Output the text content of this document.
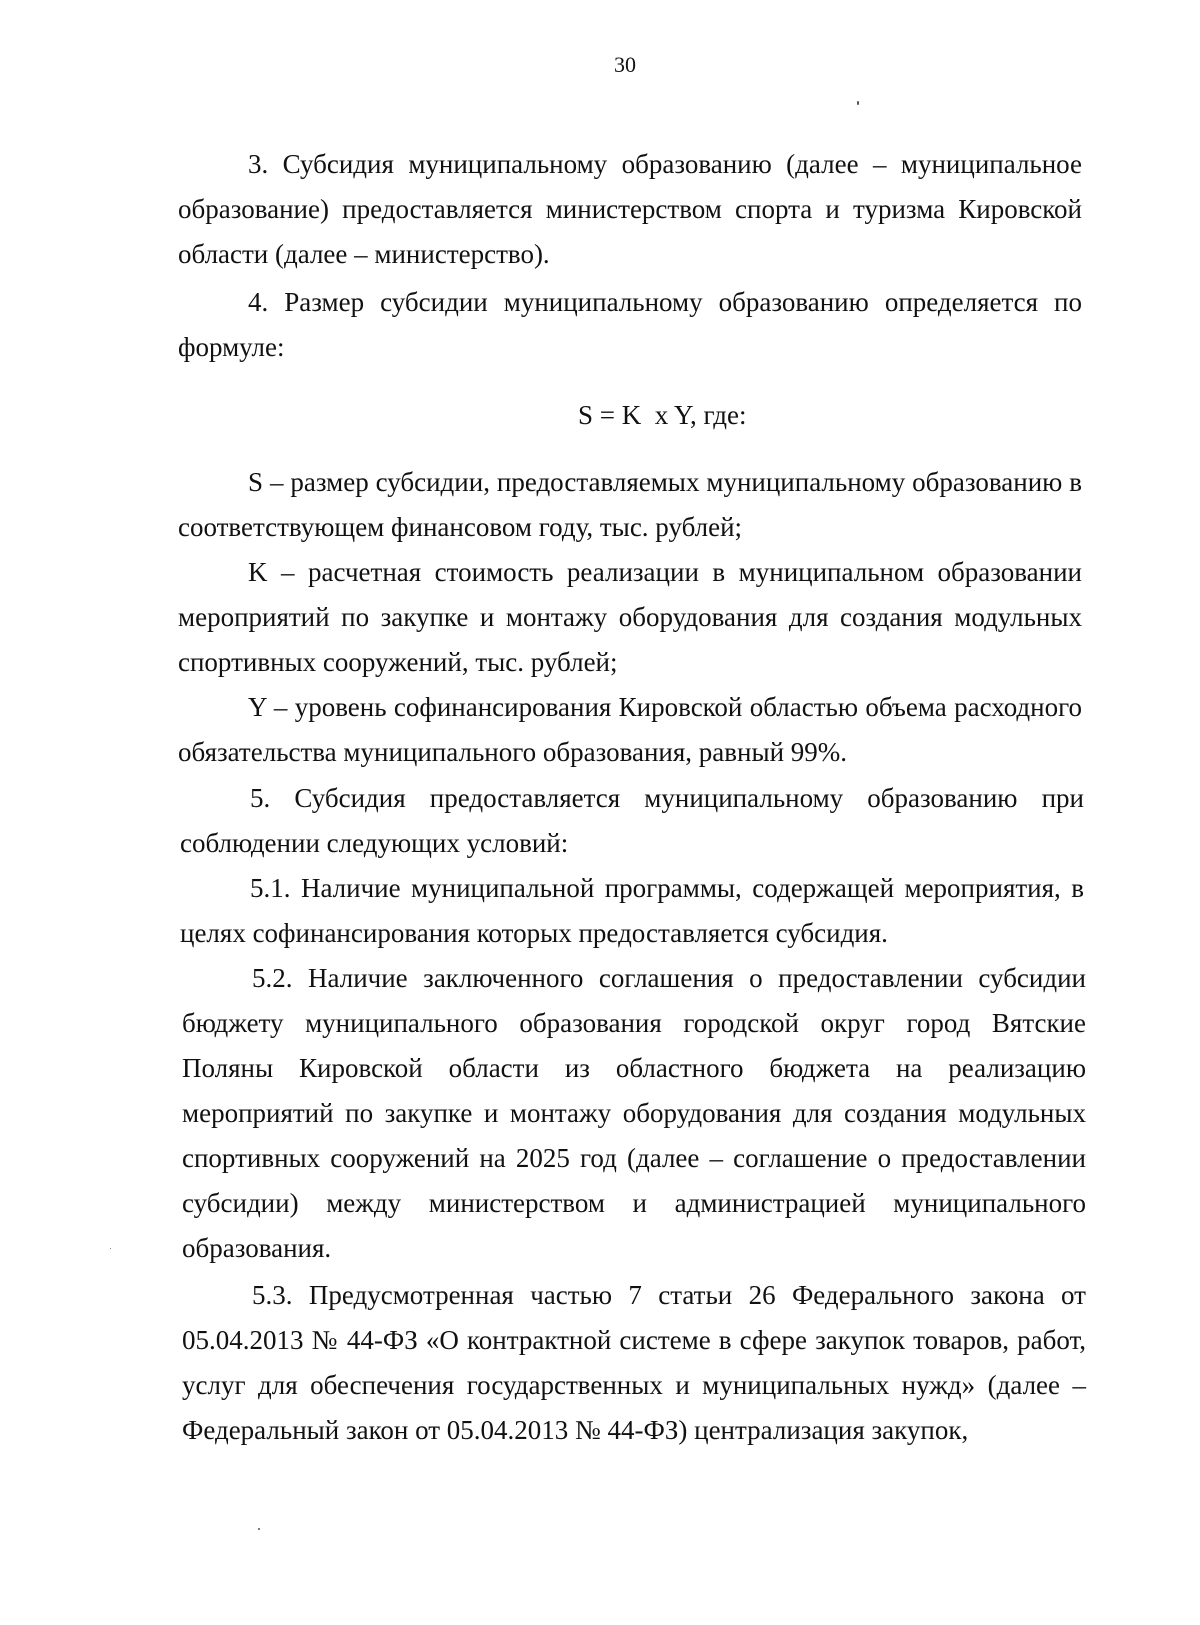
30

3. Субсидия муниципальному образованию (далее – муниципальное образование) предоставляется министерством спорта и туризма Кировской области (далее – министерство).

4. Размер субсидии муниципальному образованию определяется по формуле:

S = K  x Y, где:

S – размер субсидии, предоставляемых муниципальному образованию в соответствующем финансовом году, тыс. рублей;

K – расчетная стоимость реализации в муниципальном образовании мероприятий по закупке и монтажу оборудования для создания модульных спортивных сооружений, тыс. рублей;

Y – уровень софинансирования Кировской областью объема расходного обязательства муниципального образования, равный 99%.

5. Субсидия предоставляется муниципальному образованию при соблюдении следующих условий:

5.1. Наличие муниципальной программы, содержащей мероприятия, в целях софинансирования которых предоставляется субсидия.

5.2. Наличие заключенного соглашения о предоставлении субсидии бюджету муниципального образования городской округ город Вятские Поляны Кировской области из областного бюджета на реализацию мероприятий по закупке и монтажу оборудования для создания модульных спортивных сооружений на 2025 год (далее – соглашение о предоставлении субсидии) между министерством и администрацией муниципального образования.

5.3. Предусмотренная частью 7 статьи 26 Федерального закона от 05.04.2013 № 44-ФЗ «О контрактной системе в сфере закупок товаров, работ, услуг для обеспечения государственных и муниципальных нужд» (далее – Федеральный закон от 05.04.2013 № 44-ФЗ) централизация закупок,
